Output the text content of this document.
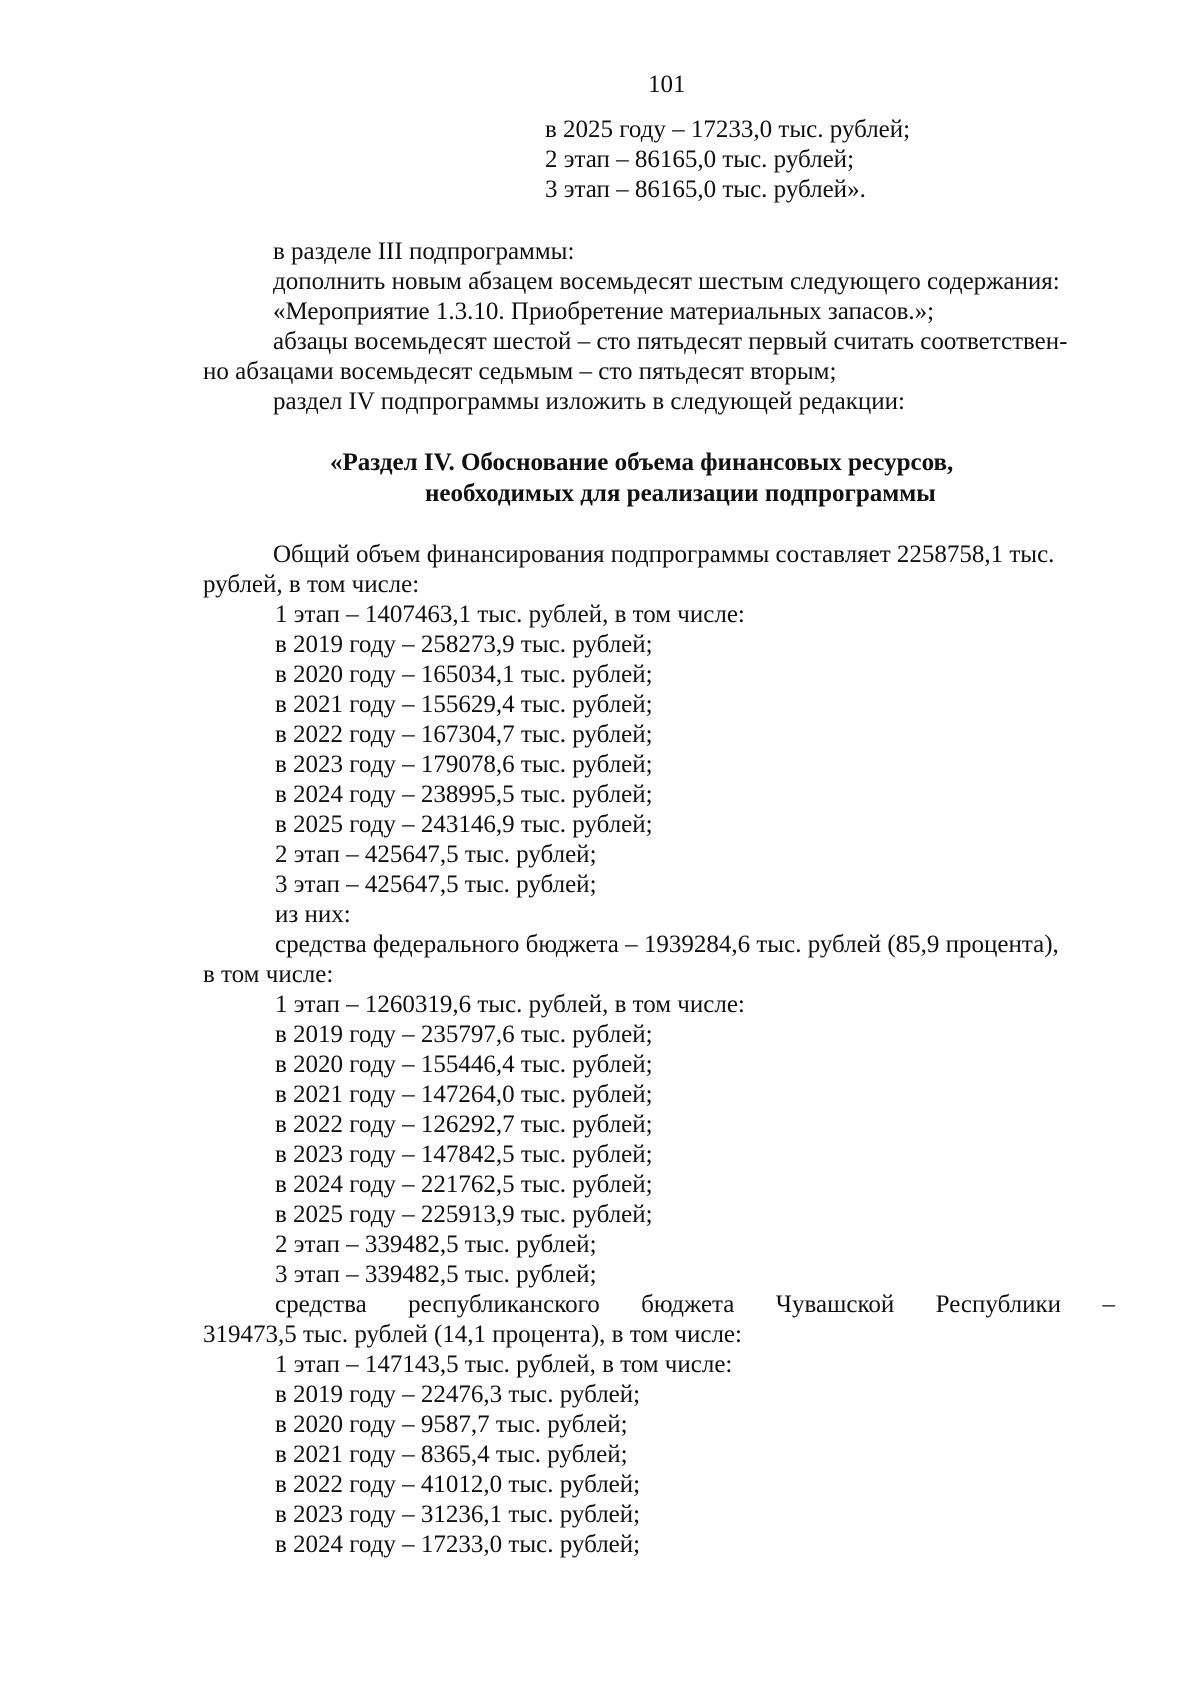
101
в 2025 году – 17233,0 тыс. рублей;
2 этап – 86165,0 тыс. рублей;
3 этап – 86165,0 тыс. рублей».
в разделе III подпрограммы:
дополнить новым абзацем восемьдесят шестым следующего содержания:
«Мероприятие 1.3.10. Приобретение материальных запасов.»;
абзацы восемьдесят шестой – сто пятьдесят первый считать соответствен-
но абзацами восемьдесят седьмым – сто пятьдесят вторым;
раздел IV подпрограммы изложить в следующей редакции:
«Раздел IV. Обоснование объема финансовых ресурсов,
необходимых для реализации подпрограммы
Общий объем финансирования подпрограммы составляет 2258758,1 тыс.
рублей, в том числе:
1 этап – 1407463,1 тыс. рублей, в том числе:
в 2019 году – 258273,9 тыс. рублей;
в 2020 году – 165034,1 тыс. рублей;
в 2021 году – 155629,4 тыс. рублей;
в 2022 году – 167304,7 тыс. рублей;
в 2023 году – 179078,6 тыс. рублей;
в 2024 году – 238995,5 тыс. рублей;
в 2025 году – 243146,9 тыс. рублей;
2 этап – 425647,5 тыс. рублей;
3 этап – 425647,5 тыс. рублей;
из них:
средства федерального бюджета – 1939284,6 тыс. рублей (85,9 процента),
в том числе:
1 этап – 1260319,6 тыс. рублей, в том числе:
в 2019 году – 235797,6 тыс. рублей;
в 2020 году – 155446,4 тыс. рублей;
в 2021 году – 147264,0 тыс. рублей;
в 2022 году – 126292,7 тыс. рублей;
в 2023 году – 147842,5 тыс. рублей;
в 2024 году – 221762,5 тыс. рублей;
в 2025 году – 225913,9 тыс. рублей;
2 этап – 339482,5 тыс. рублей;
3 этап – 339482,5 тыс. рублей;
средства республиканского бюджета Чувашской Республики –
319473,5 тыс. рублей (14,1 процента), в том числе:
1 этап – 147143,5 тыс. рублей, в том числе:
в 2019 году – 22476,3 тыс. рублей;
в 2020 году – 9587,7 тыс. рублей;
в 2021 году – 8365,4 тыс. рублей;
в 2022 году – 41012,0 тыс. рублей;
в 2023 году – 31236,1 тыс. рублей;
в 2024 году – 17233,0 тыс. рублей;
